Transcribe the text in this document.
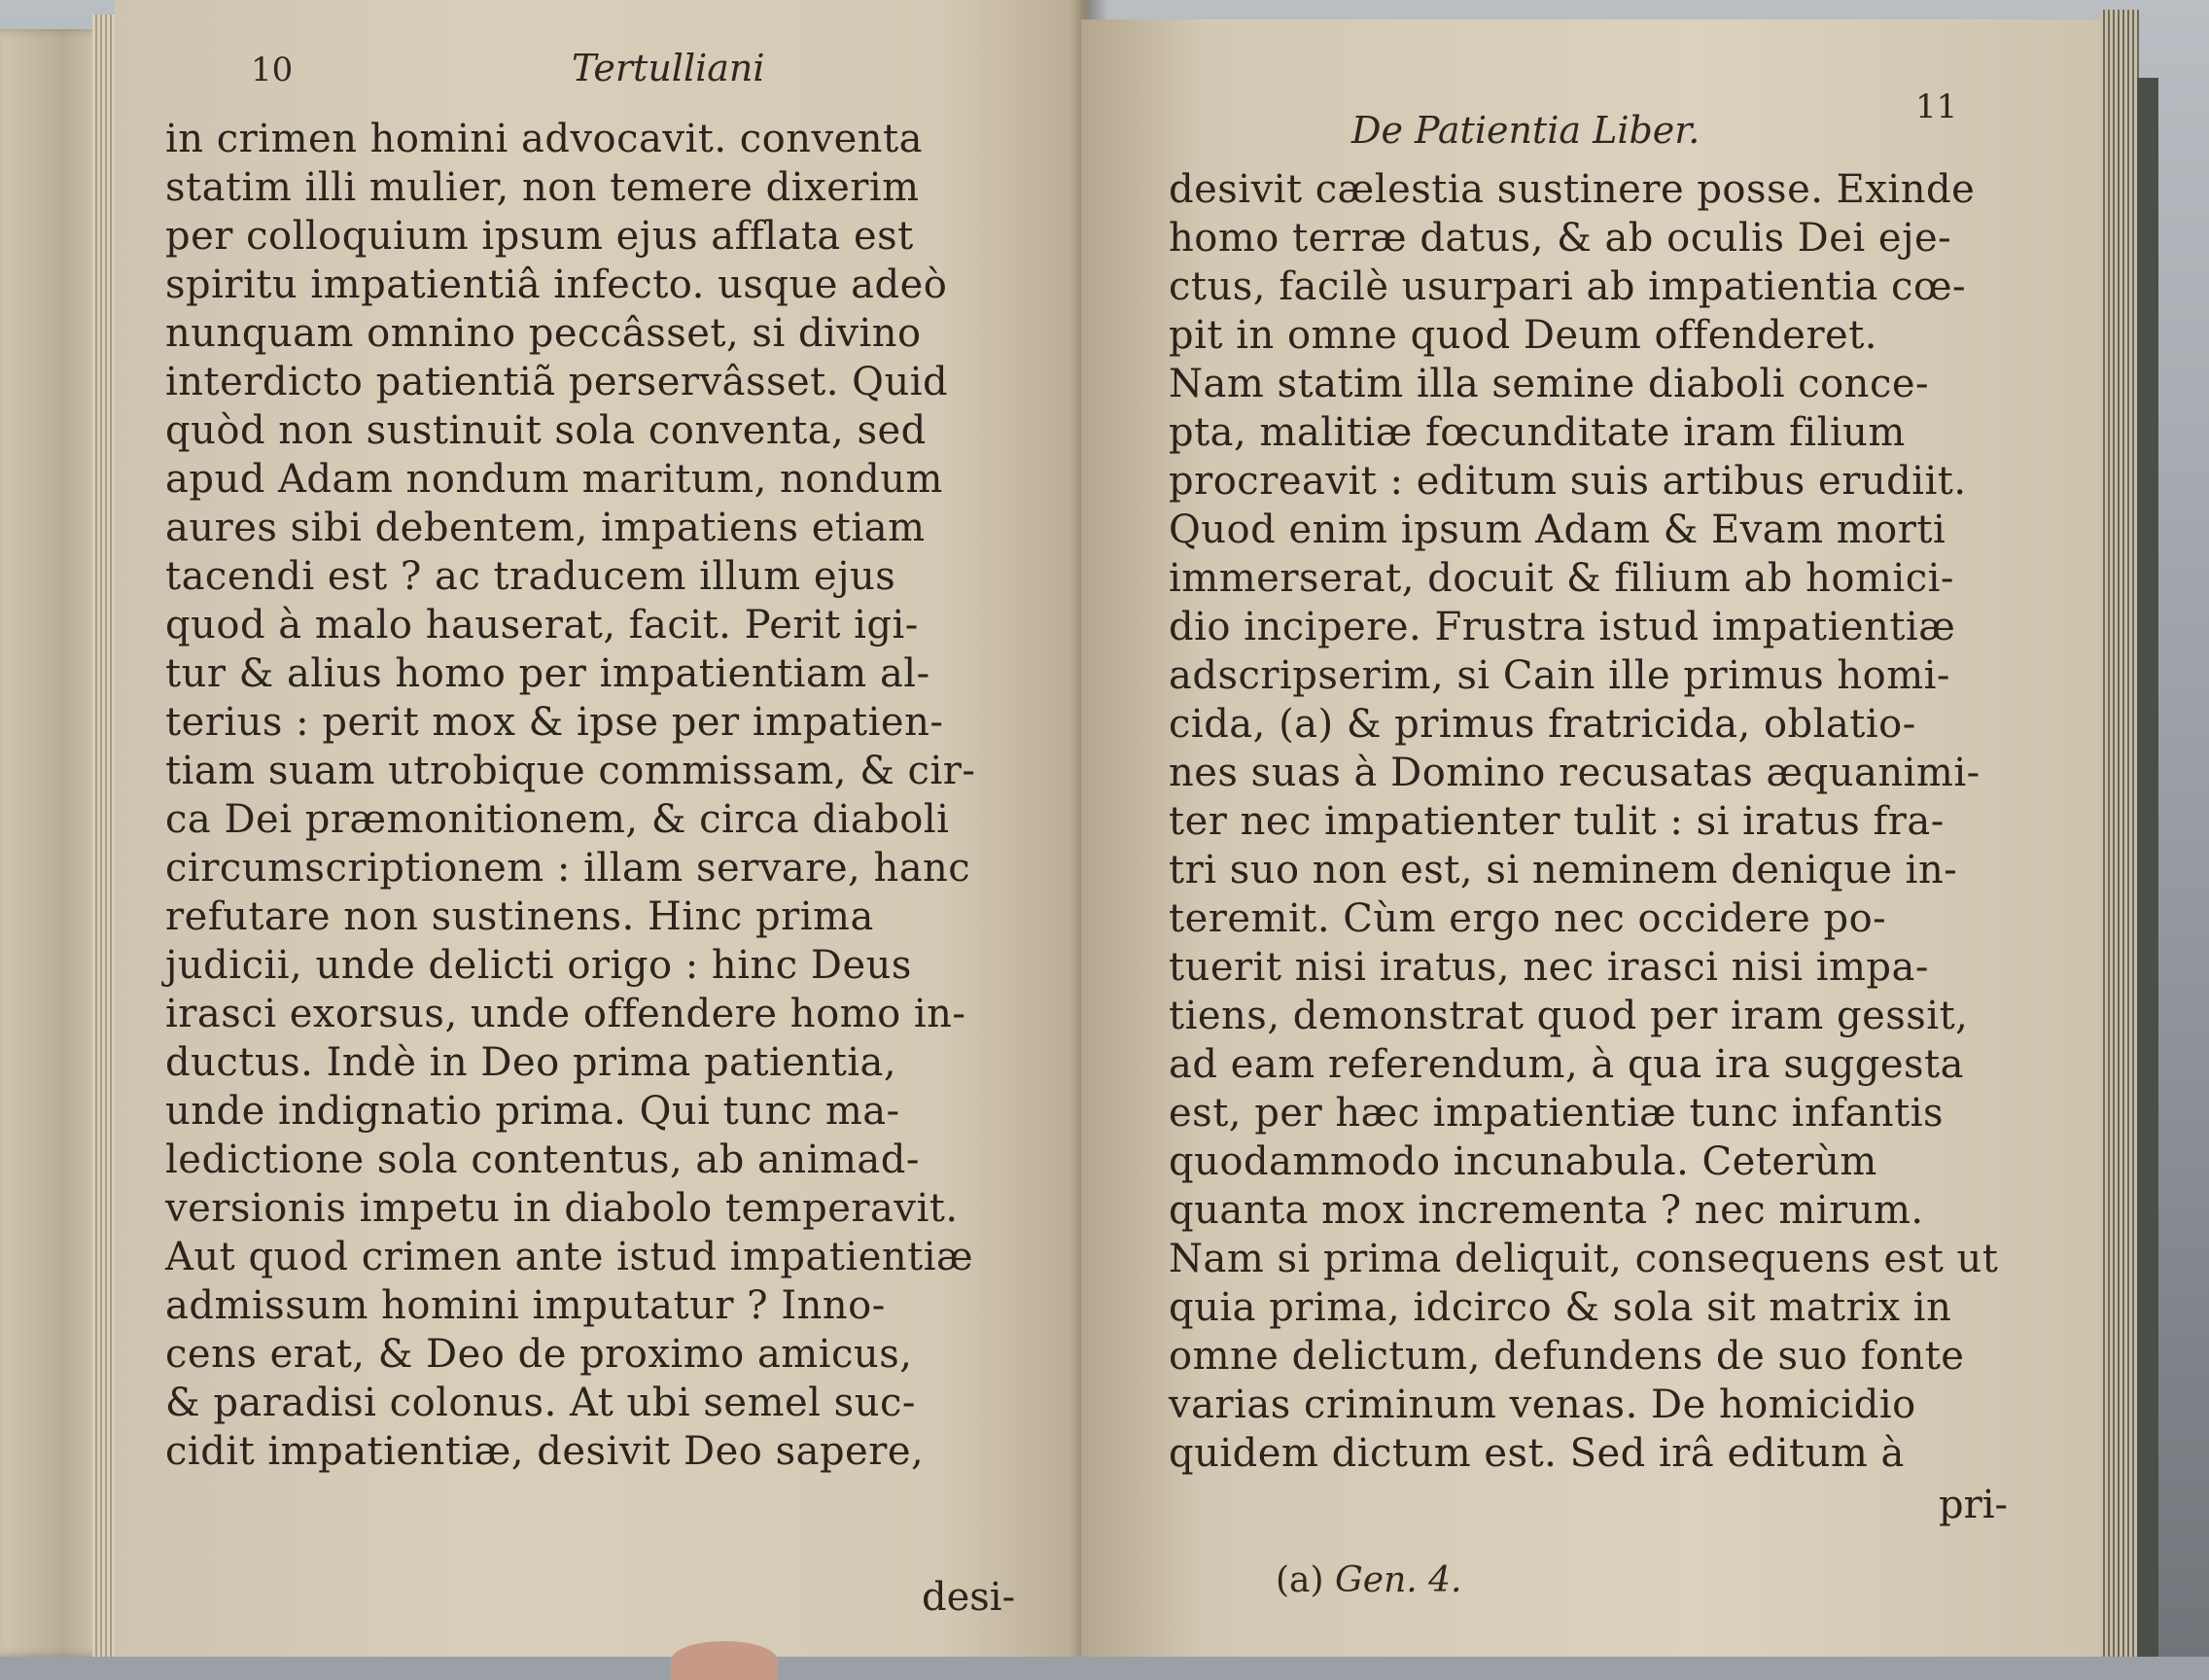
10	Tertulliani
in crimen homini advocavit. conventa
statim illi mulier, non temere dixerim
per colloquium ipsum ejus afflata est
spiritu impatientiâ infecto. usque adeò
nunquam omnino peccâsset, si divino
interdicto patientiã perservâsset. Quid
quòd non sustinuit sola conventa, sed
apud Adam nondum maritum, nondum
aures sibi debentem, impatiens etiam
tacendi est ? ac traducem illum ejus
quod à malo hauserat, facit. Perit igi-
tur & alius homo per impatientiam al-
terius : perit mox & ipse per impatien-
tiam suam utrobique commissam, & cir-
ca Dei præmonitionem, & circa diaboli
circumscriptionem : illam servare, hanc
refutare non sustinens. Hinc prima
judicii, unde delicti origo : hinc Deus
irasci exorsus, unde offendere homo in-
ductus. Indè in Deo prima patientia,
unde indignatio prima. Qui tunc ma-
ledictione sola contentus, ab animad-
versionis impetu in diabolo temperavit.
Aut quod crimen ante istud impatientiæ
admissum homini imputatur ? Inno-
cens erat, & Deo de proximo amicus,
& paradisi colonus. At ubi semel suc-
cidit impatientiæ, desivit Deo sapere,
desi-
De Patientia Liber.
11
desivit cælestia sustinere posse. Exinde
homo terræ datus, & ab oculis Dei eje-
ctus, facilè usurpari ab impatientia cœ-
pit in omne quod Deum offenderet.
Nam statim illa semine diaboli conce-
pta, malitiæ fœcunditate iram filium
procreavit : editum suis artibus erudiit.
Quod enim ipsum Adam & Evam morti
immerserat, docuit & filium ab homici-
dio incipere. Frustra istud impatientiæ
adscripserim, si Cain ille primus homi-
cida, (a) & primus fratricida, oblatio-
nes suas à Domino recusatas æquanimi-
ter nec impatienter tulit : si iratus fra-
tri suo non est, si neminem denique in-
teremit. Cùm ergo nec occidere po-
tuerit nisi iratus, nec irasci nisi impa-
tiens, demonstrat quod per iram gessit,
ad eam referendum, à qua ira suggesta
est, per hæc impatientiæ tunc infantis
quodammodo incunabula. Ceterùm
quanta mox incrementa ? nec mirum.
Nam si prima deliquit, consequens est ut
quia prima, idcirco & sola sit matrix in
omne delictum, defundens de suo fonte
varias criminum venas. De homicidio
quidem dictum est. Sed irâ editum à
pri-
(a) Gen. 4.
